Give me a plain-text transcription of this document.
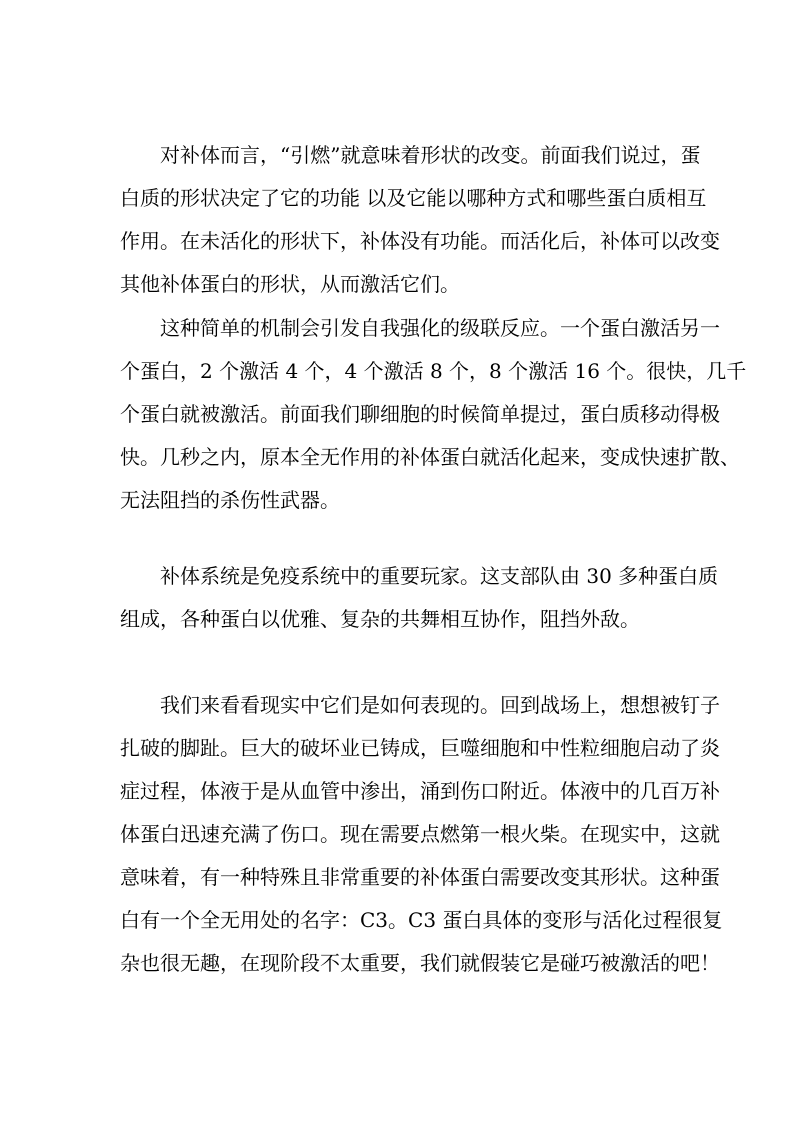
对补体而言，“引燃”就意味着形状的改变。前面我们说过，蛋
白质的形状决定了它的功能 以及它能以哪种方式和哪些蛋白质相互
作用。在未活化的形状下，补体没有功能。而活化后，补体可以改变
其他补体蛋白的形状，从而激活它们。
这种简单的机制会引发自我强化的级联反应。一个蛋白激活另一
个蛋白，2 个激活 4 个，4 个激活 8 个，8 个激活 16 个。很快，几千
个蛋白就被激活。前面我们聊细胞的时候简单提过，蛋白质移动得极
快。几秒之内，原本全无作用的补体蛋白就活化起来，变成快速扩散、
无法阻挡的杀伤性武器。
补体系统是免疫系统中的重要玩家。这支部队由 30 多种蛋白质
组成，各种蛋白以优雅、复杂的共舞相互协作，阻挡外敌。
我们来看看现实中它们是如何表现的。回到战场上，想想被钉子
扎破的脚趾。巨大的破坏业已铸成，巨噬细胞和中性粒细胞启动了炎
症过程，体液于是从血管中渗出，涌到伤口附近。体液中的几百万补
体蛋白迅速充满了伤口。现在需要点燃第一根火柴。在现实中，这就
意味着，有一种特殊且非常重要的补体蛋白需要改变其形状。这种蛋
白有一个全无用处的名字：C3。C3 蛋白具体的变形与活化过程很复
杂也很无趣，在现阶段不太重要，我们就假装它是碰巧被激活的吧！
